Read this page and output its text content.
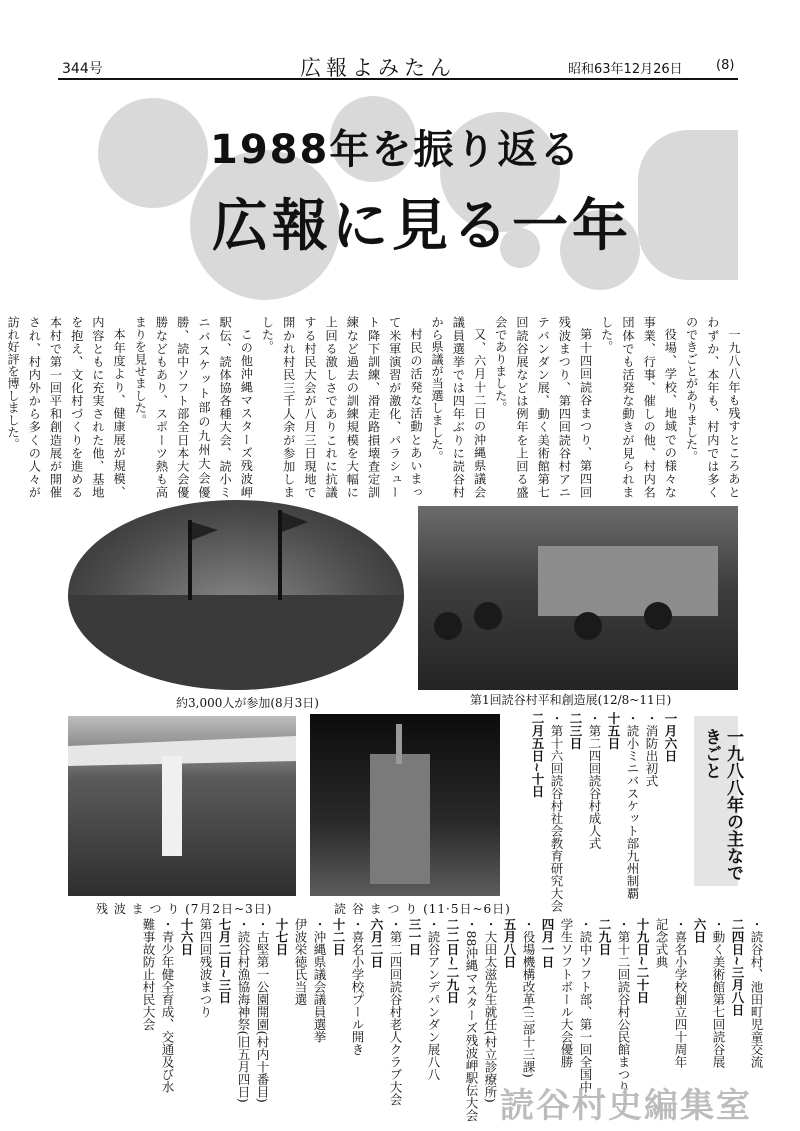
344号	広報よみたん	昭和63年12月26日	(8)
1988年を振り返る
広報に見る一年

一九八八年も残すところあとわずか、本年も、村内では多くのできごとがありました。

役場、学校、地域での様々な事業、行事、催しの他、村内名団体でも活発な動きが見られました。

第十四回読谷まつり、第四回残波まつり、第四回読谷村アニテバンダン展、動く美術館第七回読谷展などは例年を上回る盛会でありました。

又、六月十二日の沖縄県議会議員選挙では四年ぶりに読谷村から県議が当選しました。

村民の活発な活動とあいまって米軍演習が激化、パラシュート降下訓練、滑走路損壊査定訓練など過去の訓練規模を大幅に上回る激しさでありこれに抗議する村民大会が八月三日現地で開かれ村民三千人余が参加しました。

この他沖縄マスターズ残波岬駅伝、読体協各種大会、読小ミニバスケット部の九州大会優勝、読中ソフト部全日本大会優勝などもあり、スポーツ熱も高まりを見せました。

本年度より、健康展が規模、内容ともに充実された他、基地を抱え、文化村づくりを進める本村で第一回平和創造展が開催され、村内外から多くの人々が訪れ好評を博しました。

約3,000人が参加(8月3日)	第1回読谷村平和創造展(12/8~11日)
残 波 ま つ り (7月2日~3日)	読 谷 ま つ り (11·5日~6日)
一九八八年の主なできごと
一月六日
・消防出初式
・読小ミニバスケット部九州制覇
十五日
・第二四回読谷村成人式
二三日
・第十六回読谷村社会教育研究大会
二月五日~十日
・読谷村、池田町児童交流
二四日~三月八日
・動く美術館第七回読谷展
六日
・喜名小学校創立四十周年
記念式典
十九日~二十日
・第十二回読谷村公民館まつり
二九日
・読中ソフト部、第一回全国中
学生ソフトボール大会優勝
四月一日
・役場機構改革(三部十三課)
五月八日
・大田太滋先生就任(村立診療所)
・88沖縄マスターズ残波岬駅伝大会
二二日~二九日
・読谷アンデパンダン展八八
三一日
・第二四回読谷村老人クラブ大会
六月二日
・喜名小学校プール開き
十二日
・沖縄県議会議員選挙
伊波栄徳氏当選
十七日
・古堅第一公園開園(村内十番目)
・読谷村漁協海神祭(旧五月四日)
七月二日~三日
第四回残波まつり
十六日
・青少年健全育成、交通及び水
難事故防止村民大会
読谷村史編集室
